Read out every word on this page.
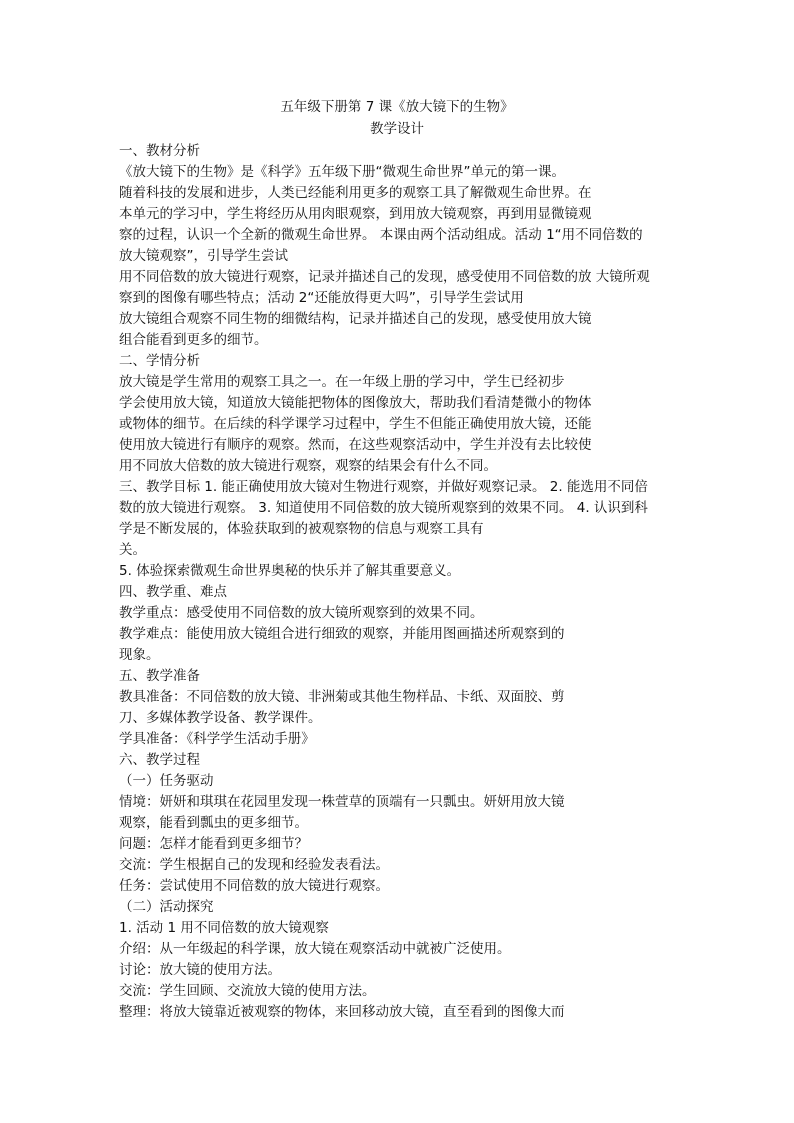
五年级下册第 7 课《放大镜下的生物》
教学设计
一、教材分析
《放大镜下的生物》是《科学》五年级下册“微观生命世界”单元的第一课。
随着科技的发展和进步，人类已经能利用更多的观察工具了解微观生命世界。在
本单元的学习中，学生将经历从用肉眼观察，到用放大镜观察，再到用显微镜观
察的过程，认识一个全新的微观生命世界。 本课由两个活动组成。活动 1“用不同倍数的
放大镜观察”，引导学生尝试
用不同倍数的放大镜进行观察，记录并描述自己的发现，感受使用不同倍数的放 大镜所观
察到的图像有哪些特点；活动 2“还能放得更大吗”，引导学生尝试用
放大镜组合观察不同生物的细微结构，记录并描述自己的发现，感受使用放大镜
组合能看到更多的细节。
二、学情分析
放大镜是学生常用的观察工具之一。在一年级上册的学习中，学生已经初步
学会使用放大镜，知道放大镜能把物体的图像放大，帮助我们看清楚微小的物体
或物体的细节。在后续的科学课学习过程中，学生不但能正确使用放大镜，还能
使用放大镜进行有顺序的观察。然而，在这些观察活动中，学生并没有去比较使
用不同放大倍数的放大镜进行观察，观察的结果会有什么不同。
三、教学目标 1. 能正确使用放大镜对生物进行观察，并做好观察记录。 2. 能选用不同倍
数的放大镜进行观察。 3. 知道使用不同倍数的放大镜所观察到的效果不同。 4. 认识到科
学是不断发展的，体验获取到的被观察物的信息与观察工具有
关。
5. 体验探索微观生命世界奥秘的快乐并了解其重要意义。
四、教学重、难点
教学重点：感受使用不同倍数的放大镜所观察到的效果不同。
教学难点：能使用放大镜组合进行细致的观察，并能用图画描述所观察到的
现象。
五、教学准备
教具准备：不同倍数的放大镜、非洲菊或其他生物样品、卡纸、双面胶、剪
刀、多媒体教学设备、教学课件。
学具准备：《科学学生活动手册》
六、教学过程
（一）任务驱动
情境：妍妍和琪琪在花园里发现一株萱草的顶端有一只瓢虫。妍妍用放大镜
观察，能看到瓢虫的更多细节。
问题：怎样才能看到更多细节？
交流：学生根据自己的发现和经验发表看法。
任务：尝试使用不同倍数的放大镜进行观察。
（二）活动探究
1. 活动 1 用不同倍数的放大镜观察
介绍：从一年级起的科学课，放大镜在观察活动中就被广泛使用。
讨论：放大镜的使用方法。
交流：学生回顾、交流放大镜的使用方法。
整理：将放大镜靠近被观察的物体，来回移动放大镜，直至看到的图像大而
